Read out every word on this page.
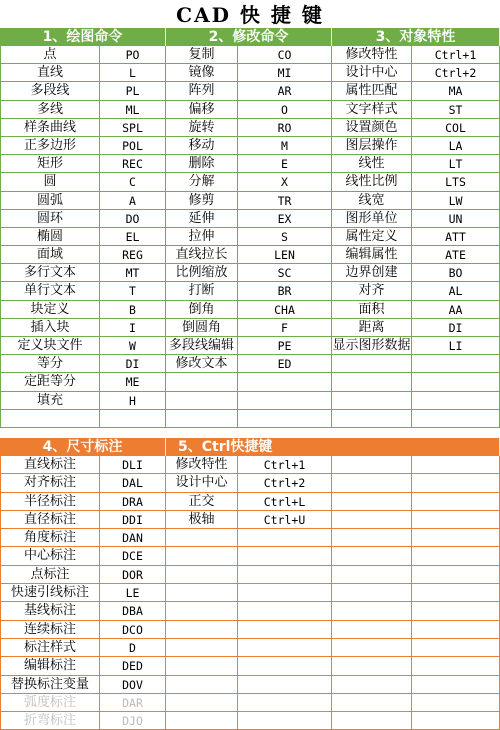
CAD 快 捷 键
1、绘图命令	2、修改命令	3、对象特性
点	PO	复制	CO	修改特性	Ctrl+1
直线	L	镜像	MI	设计中心	Ctrl+2
多段线	PL	阵列	AR	属性匹配	MA
多线	ML	偏移	O	文字样式	ST
样条曲线	SPL	旋转	RO	设置颜色	COL
正多边形	POL	移动	M	图层操作	LA
矩形	REC	删除	E	线性	LT
圆	C	分解	X	线性比例	LTS
圆弧	A	修剪	TR	线宽	LW
圆环	DO	延伸	EX	图形单位	UN
椭圆	EL	拉伸	S	属性定义	ATT
面域	REG	直线拉长	LEN	编辑属性	ATE
多行文本	MT	比例缩放	SC	边界创建	BO
单行文本	T	打断	BR	对齐	AL
块定义	B	倒角	CHA	面积	AA
插入块	I	倒圆角	F	距离	DI
定义块文件	W	多段线编辑	PE	显示图形数据	LI
等分	DI	修改文本	ED
定距等分	ME
填充	H
4、尺寸标注	5、Ctrl快捷键
直线标注	DLI	修改特性	Ctrl+1
对齐标注	DAL	设计中心	Ctrl+2
半径标注	DRA	正交	Ctrl+L
直径标注	DDI	极轴	Ctrl+U
角度标注	DAN
中心标注	DCE
点标注	DOR
快速引线标注	LE
基线标注	DBA
连续标注	DCO
标注样式	D
编辑标注	DED
替换标注变量	DOV
弧度标注	DAR
折弯标注	DJO
